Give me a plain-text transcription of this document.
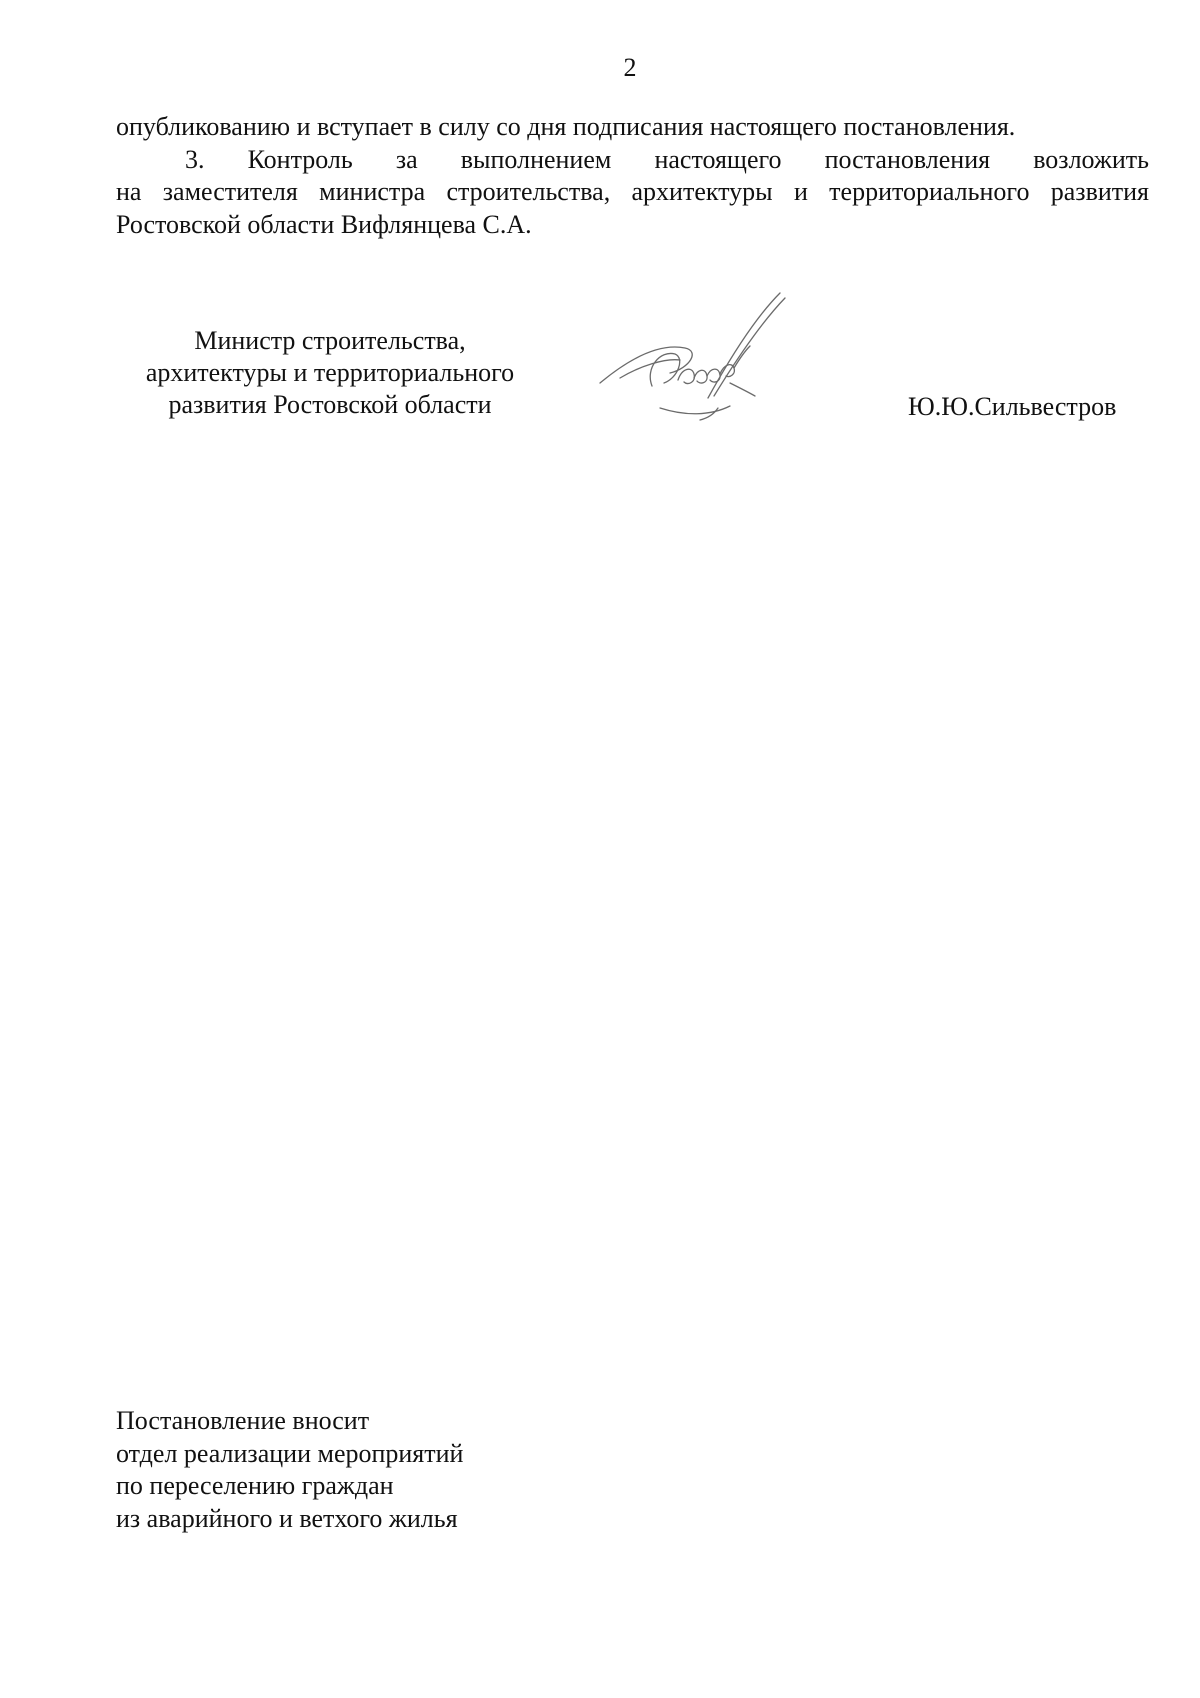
2
опубликованию и вступает в силу со дня подписания настоящего постановления.
3. Контроль за выполнением настоящего постановления возложить
на заместителя министра строительства, архитектуры и территориального развития
Ростовской области Вифлянцева С.А.
Министр строительства,
архитектуры и территориального
развития Ростовской области	Ю.Ю.Сильвестров
Постановление вносит
отдел реализации мероприятий
по переселению граждан
из аварийного и ветхого жилья
